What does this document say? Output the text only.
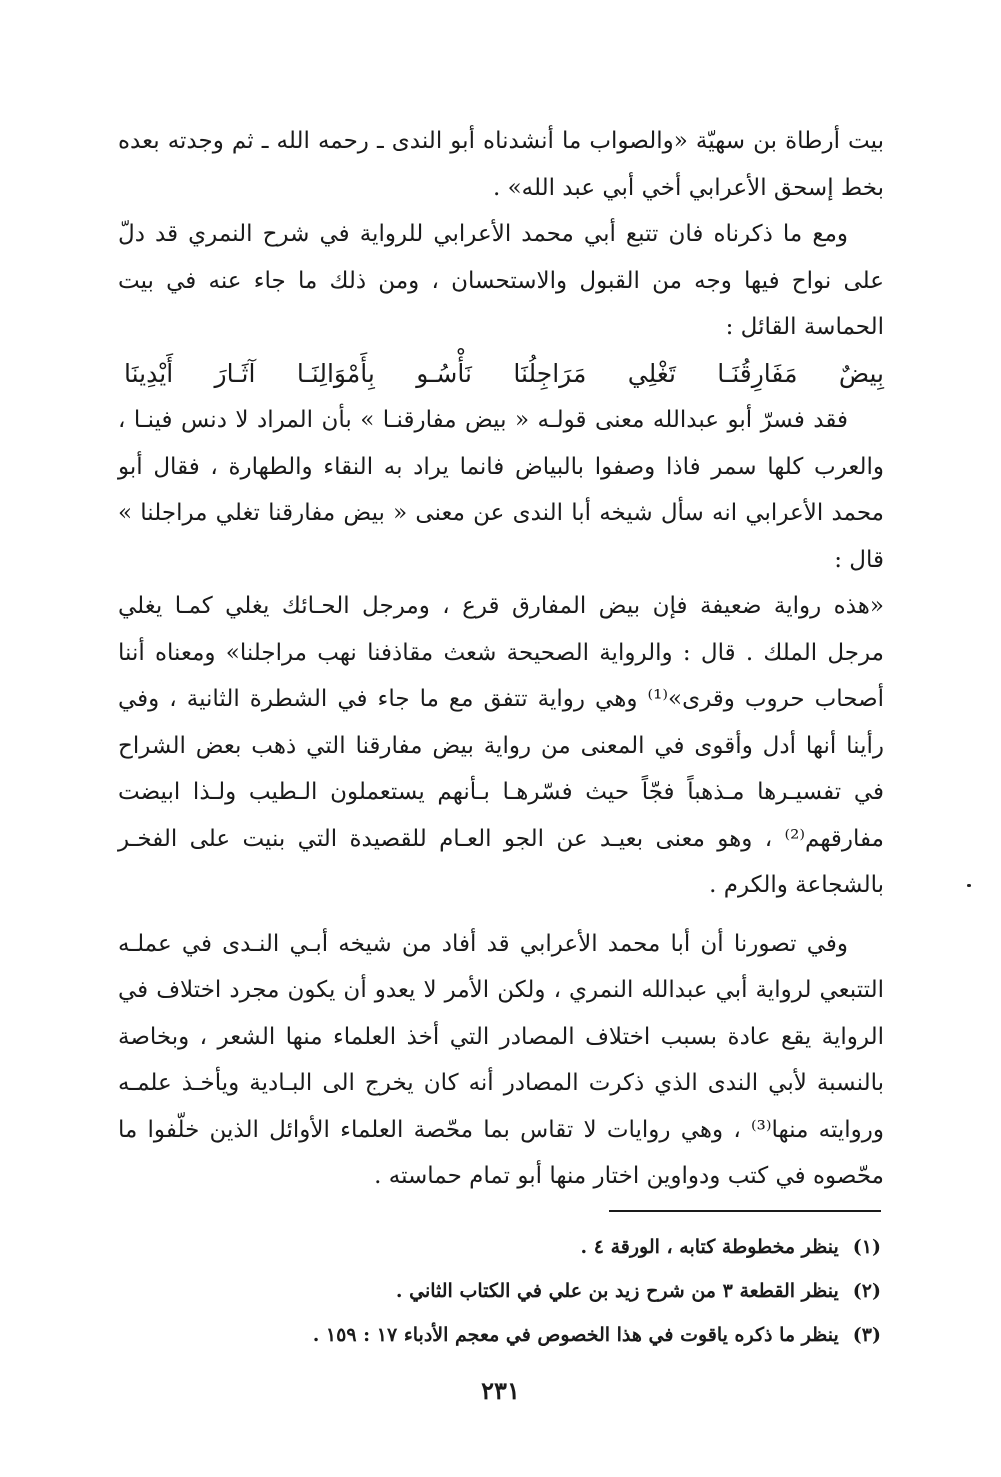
بيت أرطاة بن سهيّة «والصواب ما أنشدناه أبو الندى ـ رحمه الله ـ ثم وجدته بعده بخط إسحق الأعرابي أخي أبي عبد الله» .

ومع ما ذكرناه فان تتبع أبي محمد الأعرابي للرواية في شرح النمري قد دلّ على نواح فيها وجه من القبول والاستحسان ، ومن ذلك ما جاء عنه في بيت الحماسة القائل :

بِيضٌ
مَفَارِقُنَـا
تَغْلِي
مَرَاجِلُنَا
نَأْسُـو
بِأَمْوَالِنَـا
آثَـارَ
أَيْدِينَا

فقد فسرّ أبو عبدالله معنى قولـه « بيض مفارقنـا » بأن المراد لا دنس فينـا ، والعرب كلها سمر فاذا وصفوا بالبياض فانما يراد به النقاء والطهارة ، فقال أبو محمد الأعرابي انه سأل شيخه أبا الندى عن معنى « بيض مفارقنا تغلي مراجلنا » قال :

«هذه رواية ضعيفة فإن بيض المفارق قرع ، ومرجل الحـائك يغلي كمـا يغلي مرجل الملك . قال : والرواية الصحيحة شعث مقاذفنا نهب مراجلنا» ومعناه أننا أصحاب حروب وقرى»⁽¹⁾ وهي رواية تتفق مع ما جاء في الشطرة الثانية ، وفي رأينا أنها أدل وأقوى في المعنى من رواية بيض مفارقنا التي ذهب بعض الشراح في تفسيـرها مـذهباً فجّاً حيث فسّرهـا بـأنهم يستعملون الـطيب ولـذا ابيضت مفارقهم⁽²⁾ ، وهو معنى بعيـد عن الجو العـام للقصيدة التي بنيت على الفخـر بالشجاعة والكرم .

وفي تصورنا أن أبا محمد الأعرابي قد أفاد من شيخه أبـي النـدى في عملـه التتبعي لرواية أبي عبدالله النمري ، ولكن الأمر لا يعدو أن يكون مجرد اختلاف في الرواية يقع عادة بسبب اختلاف المصادر التي أخذ العلماء منها الشعر ، وبخاصة بالنسبة لأبي الندى الذي ذكرت المصادر أنه كان يخرج الى البـادية ويأخـذ علمـه وروايته منها⁽³⁾ ، وهي روايات لا تقاس بما محّصة العلماء الأوائل الذين خلّفوا ما محّصوه في كتب ودواوين اختار منها أبو تمام حماسته .

(١)ينظر مخطوطة كتابه ، الورقة ٤ .
(٢)ينظر القطعة ٣ من شرح زيد بن علي في الكتاب الثاني .
(٣)ينظر ما ذكره ياقوت في هذا الخصوص في معجم الأدباء ١٧ : ١٥٩ .
٢٣١
